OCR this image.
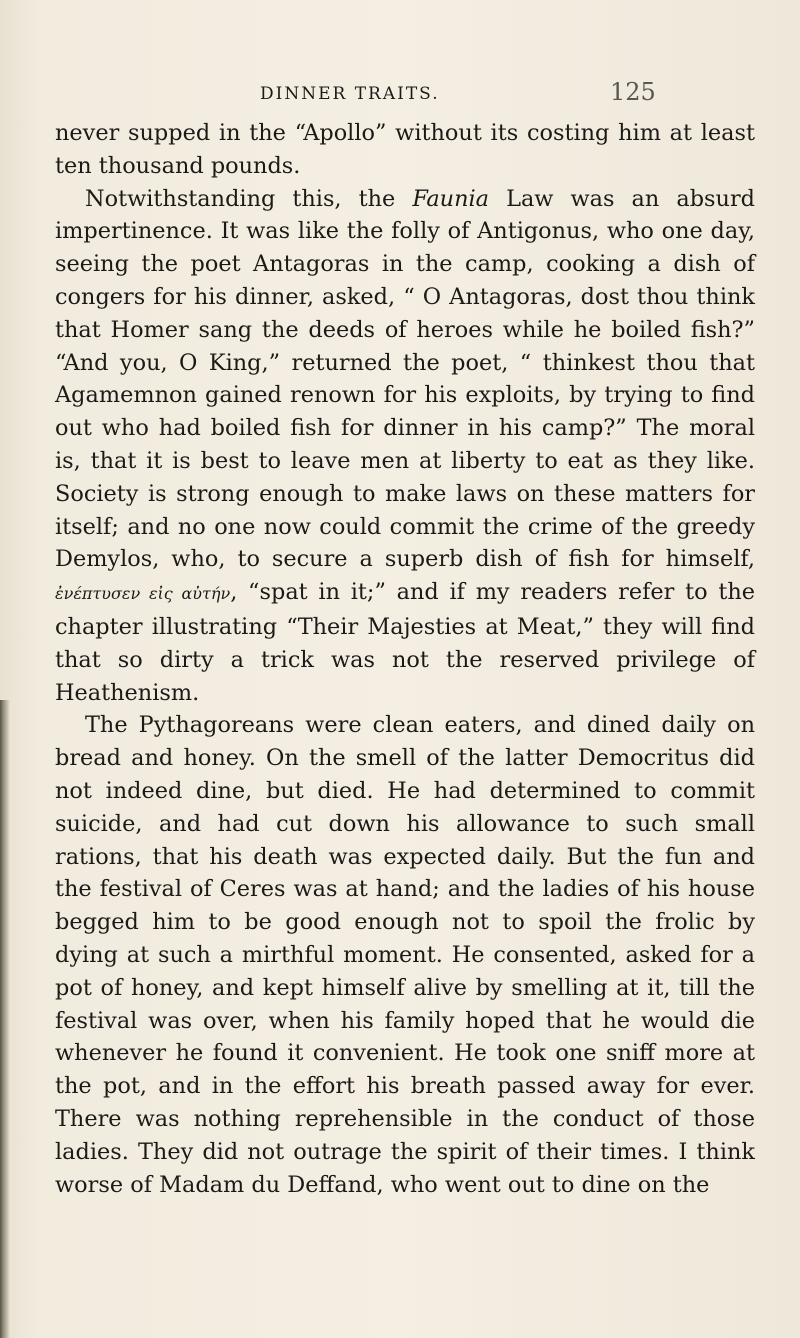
DINNER TRAITS.	125

never supped in the “Apollo” without its costing him at least ten thousand pounds.

Notwithstanding this, the Faunia Law was an absurd impertinence. It was like the folly of Antigonus, who one day, seeing the poet Antagoras in the camp, cooking a dish of congers for his dinner, asked, “ O Antagoras, dost thou think that Homer sang the deeds of heroes while he boiled fish?” “And you, O King,” returned the poet, “ thinkest thou that Agamemnon gained renown for his exploits, by trying to find out who had boiled fish for dinner in his camp?” The moral is, that it is best to leave men at liberty to eat as they like. Society is strong enough to make laws on these matters for itself; and no one now could commit the crime of the greedy Demylos, who, to secure a superb dish of fish for himself, ἐνέπτυσεν εἰς αὐτήν, “spat in it;” and if my readers refer to the chapter illustrating “Their Majesties at Meat,” they will find that so dirty a trick was not the reserved privilege of Heathenism.

The Pythagoreans were clean eaters, and dined daily on bread and honey. On the smell of the latter Democritus did not indeed dine, but died. He had determined to commit suicide, and had cut down his allowance to such small rations, that his death was expected daily. But the fun and the festival of Ceres was at hand; and the ladies of his house begged him to be good enough not to spoil the frolic by dying at such a mirthful moment. He consented, asked for a pot of honey, and kept himself alive by smelling at it, till the festival was over, when his family hoped that he would die whenever he found it convenient. He took one sniff more at the pot, and in the effort his breath passed away for ever. There was nothing reprehensible in the conduct of those ladies. They did not outrage the spirit of their times. I think worse of Madam du Deffand, who went out to dine on the
